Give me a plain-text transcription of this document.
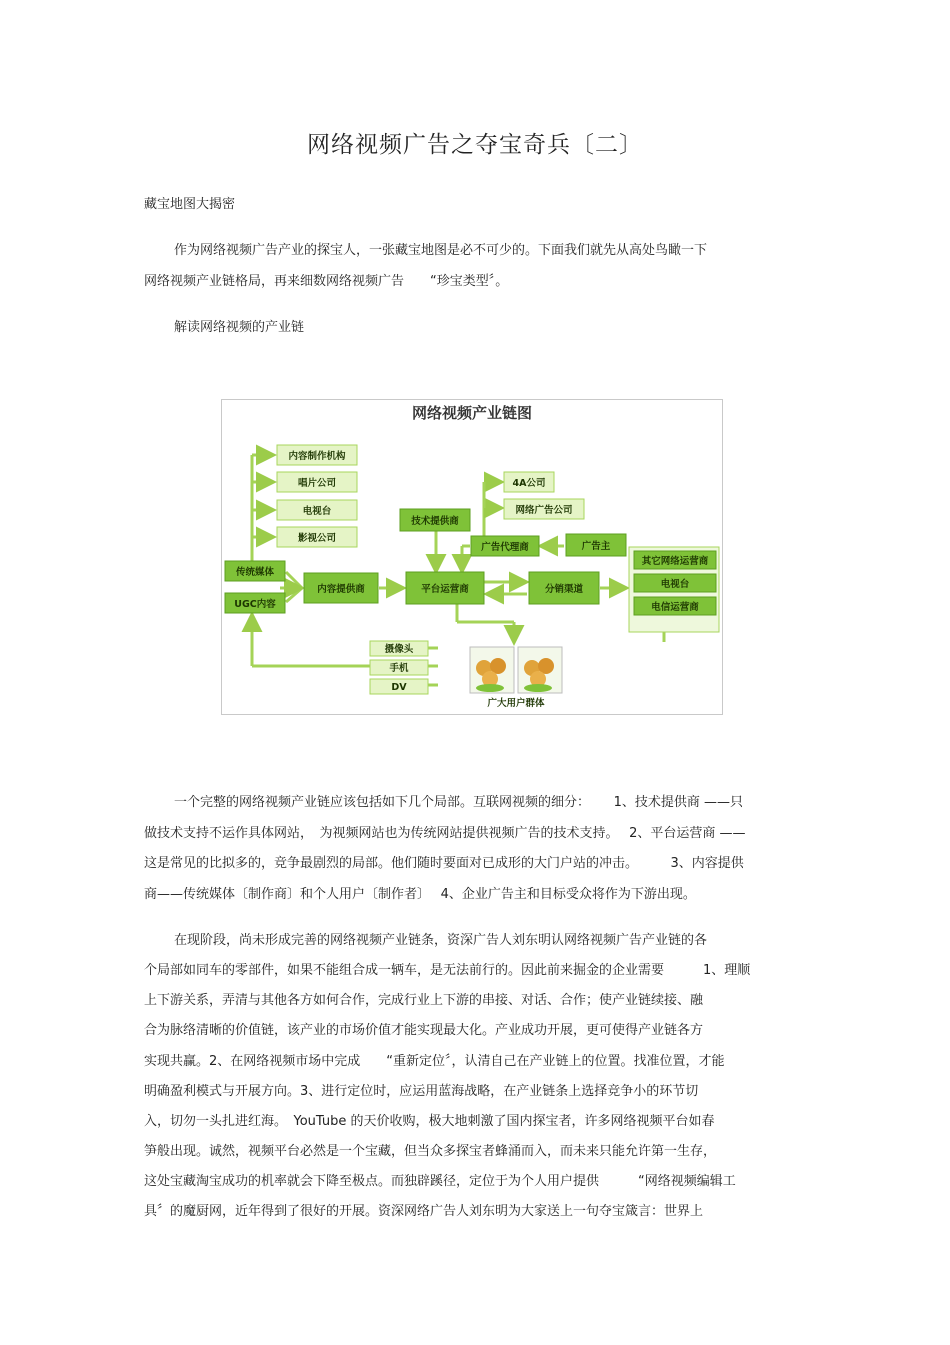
网络视频广告之夺宝奇兵〔二〕
藏宝地图大揭密
作为网络视频广告产业的探宝人，一张藏宝地图是必不可少的。下面我们就先从高处鸟瞰一下
网络视频产业链格局，再来细数网络视频广告　　“珍宝类型〞。
解读网络视频的产业链
网络视频产业链图
内容制作机构
唱片公司
电视台
影视公司
传统媒体
UGC内容
内容提供商
技术提供商
4A公司
网络广告公司
广告代理商	广告主
平台运营商	分销渠道
其它网络运营商
电视台
电信运营商
摄像头
手机
DV
广大用户群体
一个完整的网络视频产业链应该包括如下几个局部。互联网视频的细分：　　 1、技术提供商 ——只
做技术支持不运作具体网站，　为视频网站也为传统网站提供视频广告的技术支持。　 2、平台运营商 ——
这是常见的比拟多的，竞争最剧烈的局部。他们随时要面对已成形的大门户站的冲击。　　　3、内容提供
商——传统媒体〔制作商〕和个人用户〔制作者〕　 4、企业广告主和目标受众将作为下游出现。
在现阶段，尚未形成完善的网络视频产业链条，资深广告人刘东明认网络视频广告产业链的各
个局部如同车的零部件，如果不能组合成一辆车，是无法前行的。因此前来掘金的企业需要　　　1、理顺
上下游关系，弄清与其他各方如何合作，完成行业上下游的串接、对话、合作；使产业链续接、融
合为脉络清晰的价值链，该产业的市场价值才能实现最大化。产业成功开展，更可使得产业链各方
实现共赢。2、在网络视频市场中完成　　“重新定位〞，认清自己在产业链上的位置。找准位置，才能
明确盈利模式与开展方向。3、进行定位时，应运用蓝海战略，在产业链条上选择竞争小的环节切
入，切勿一头扎进红海。　YouTube 的天价收购，极大地刺激了国内探宝者，许多网络视频平台如春
笋般出现。诚然，视频平台必然是一个宝藏，但当众多探宝者蜂涌而入，而未来只能允许第一生存，
这处宝藏淘宝成功的机率就会下降至极点。而独辟蹊径，定位于为个人用户提供　　　“网络视频编辑工
具〞的魔厨网，近年得到了很好的开展。资深网络广告人刘东明为大家送上一句夺宝箴言：世界上
